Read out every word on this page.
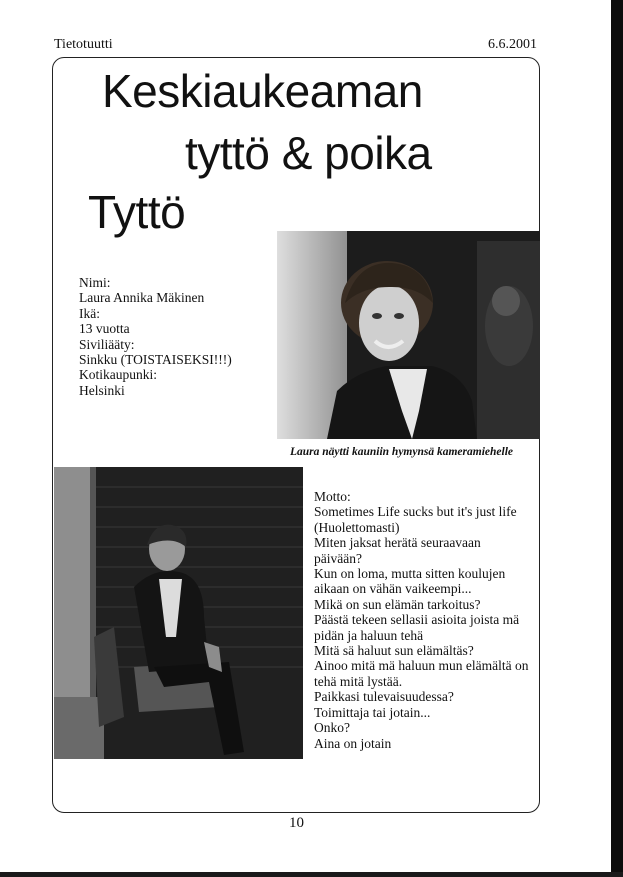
Tietotuutti	6.6.2001
Keskiaukeaman
tyttö & poika
Tyttö
Nimi:
Laura Annika Mäkinen
Ikä:
13 vuotta
Siviliääty:
Sinkku (TOISTAISEKSI!!!)
Kotikaupunki:
Helsinki
Laura näytti kauniin hymynsä kameramiehelle
Motto:
Sometimes Life sucks but it's just life (Huolettomasti)
Miten jaksat herätä seuraavaan päivään?
Kun on loma, mutta sitten koulujen aikaan on vähän vaikeempi...
Mikä on sun elämän tarkoitus?
Päästä tekeen sellasii asioita joista mä pidän ja haluun tehä
Mitä sä haluut sun elämältäs?
Ainoo mitä mä haluun mun elämältä on tehä mitä lystää.
Paikkasi tulevaisuudessa?
Toimittaja tai jotain...
Onko?
Aina on jotain
10
